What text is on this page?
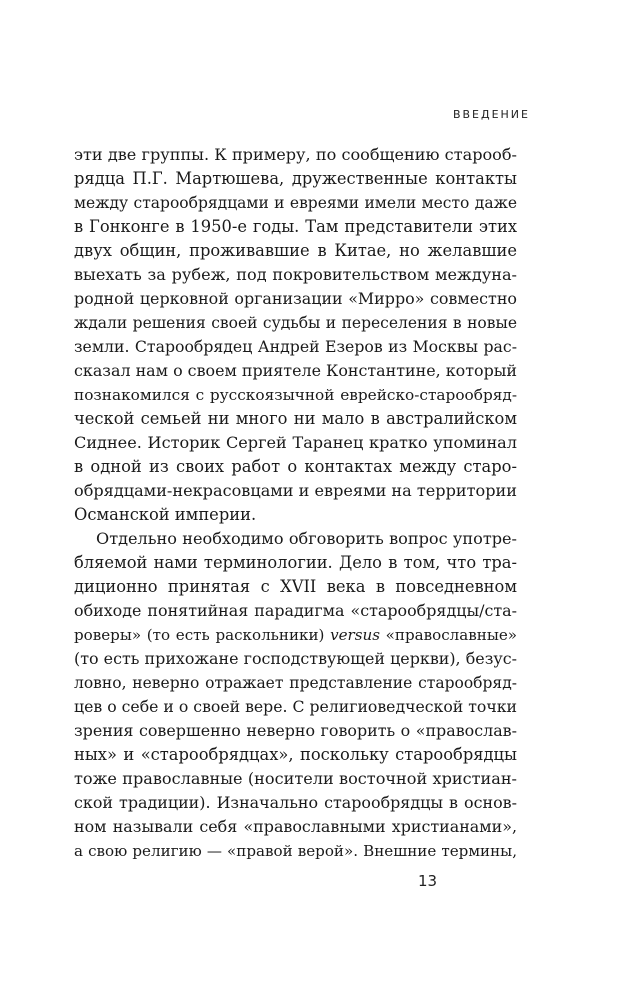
ВВЕДЕНИЕ
эти две группы. К примеру, по сообщению старооб-
рядца П.Г. Мартюшева, дружественные контакты
между старообрядцами и евреями имели место даже
в Гонконге в 1950-е годы. Там представители этих
двух общин, проживавшие в Китае, но желавшие
выехать за рубеж, под покровительством междуна-
родной церковной организации «Мирро» совместно
ждали решения своей судьбы и переселения в новые
земли. Старообрядец Андрей Езеров из Москвы рас-
сказал нам о своем приятеле Константине, который
познакомился с русскоязычной еврейско-старообряд-
ческой семьей ни много ни мало в австралийском
Сиднее. Историк Сергей Таранец кратко упоминал
в одной из своих работ о контактах между старо-
обрядцами-некрасовцами и евреями на территории
Османской империи.
Отдельно необходимо обговорить вопрос употре-
бляемой нами терминологии. Дело в том, что тра-
диционно принятая с XVII века в повседневном
обиходе понятийная парадигма «старообрядцы/ста-
роверы» (то есть раскольники) versus «православные»
(то есть прихожане господствующей церкви), безус-
ловно, неверно отражает представление старообряд-
цев о себе и о своей вере. С религиоведческой точки
зрения совершенно неверно говорить о «православ-
ных» и «старообрядцах», поскольку старообрядцы
тоже православные (носители восточной христиан-
ской традиции). Изначально старообрядцы в основ-
ном называли себя «православными христианами»,
а свою религию — «правой верой». Внешние термины,
13
